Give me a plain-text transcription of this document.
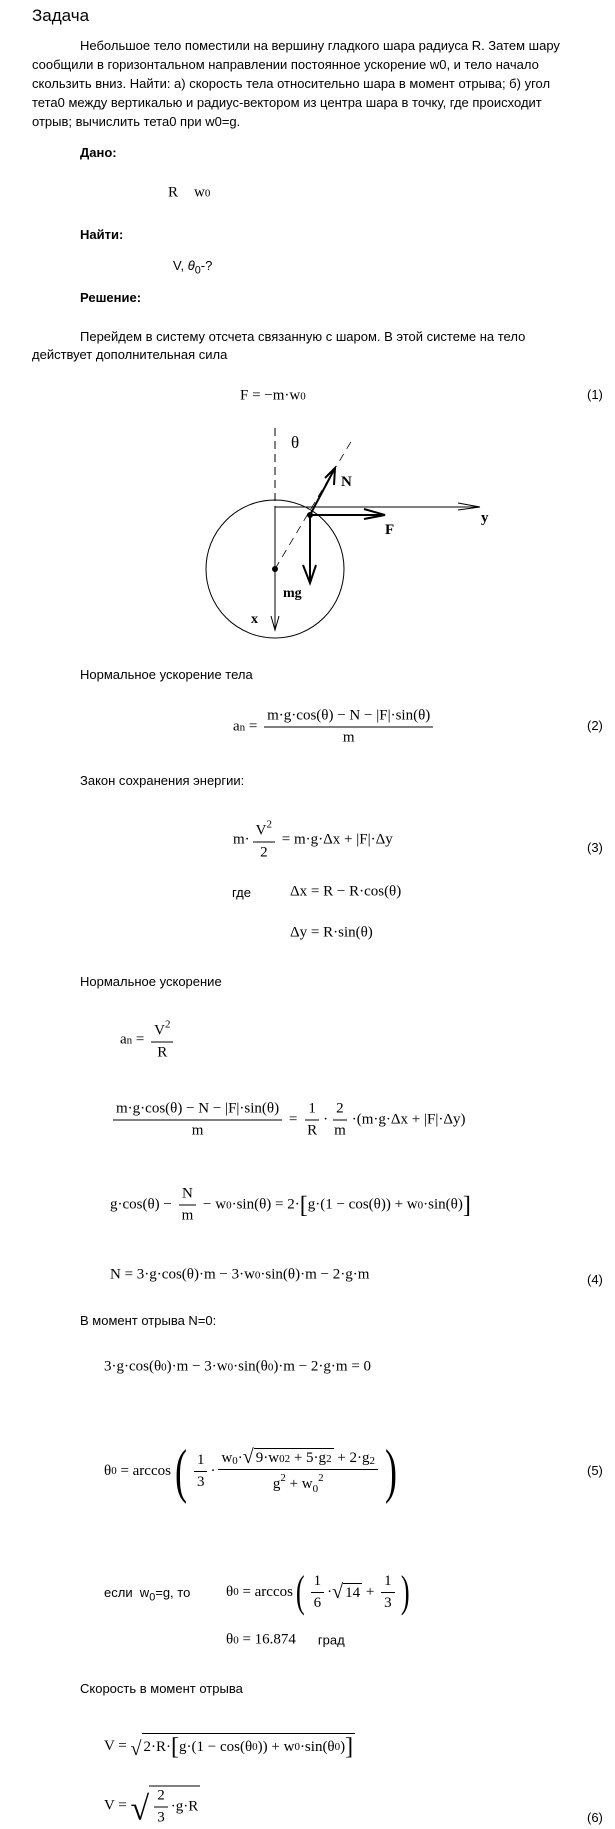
Задача
Небольшое тело поместили на вершину гладкого шара радиуса R. Затем шару
сообщили в горизонтальном направлении постоянное ускорение w0, и тело начало
скользить вниз. Найти: а) скорость тела относительно шара в момент отрыва; б) угол
тета0 между вертикалью и радиус-вектором из центра шара в точку, где происходит
отрыв; вычислить тета0 при w0=g.
Дано:
R w 0
Найти:
V, $\theta_0-$?
Решение:
Перейдем в систему отсчета связанную с шаром. В этой системе на тело
действует дополнительная сила
F = −m·w 0	(1)
θ
N
F
y
mg
x
Нормальное ускорение тела
a $n = \frac{m\cdot g\cdot\cos(\theta) - N - |F|\cdot\sin(\theta)}{m}$	(2)
Закон сохранения энергии:
$m\cdot \frac{V^2}{2} = m\cdot g\cdot\Delta x + |F|\cdot\Delta y$	(3)
где	Δx = R − R·cos(θ)
Δy = R·sin(θ)
Нормальное ускорение
a $n = \frac{V^2}{R}$
$\frac{m\cdot g\cdot\cos(\theta) - N - |F|\cdot\sin(\theta)}{m} = \frac{1}{R} \cdot \frac{2}{m} \cdot(m\cdot g\cdot\Delta x + |F|\cdot\Delta y)$
$g\cdot\cos(\theta) - \frac{N}{m} - w$ 0 ·sin(θ) = 2· [ g·(1 − cos(θ)) + w 0 ·sin(θ) ]
N = 3·g·cos(θ)·m − 3·w 0 ·sin(θ)·m − 2·g·m	(4)
В момент отрыва N=0:
3·g·cos(θ 0 )·m − 3·w 0 ·sin(θ 0 )·m − 2·g·m = 0
θ 0 = arccos ( $\frac{1}{3} \cdot \frac{w 0 \cdot √ 9\cdot w 0 2 + 5\cdot g 2 + 2\cdot g 2}{g^2 + w_0^2}$ )	(5)
если  $w_0=g$, то θ 0 = arccos ( $\frac{1}{6}$ · √ $14 + \frac{1}{3}$ )
θ 0 = 16.874 град
Скорость в момент отрыва
V = √ 2·R· [ g·(1 − cos(θ 0 )) + w 0 ·sin(θ 0 ) ]
V = √ $\frac{2}{3} \cdot g\cdot R$
(6)
